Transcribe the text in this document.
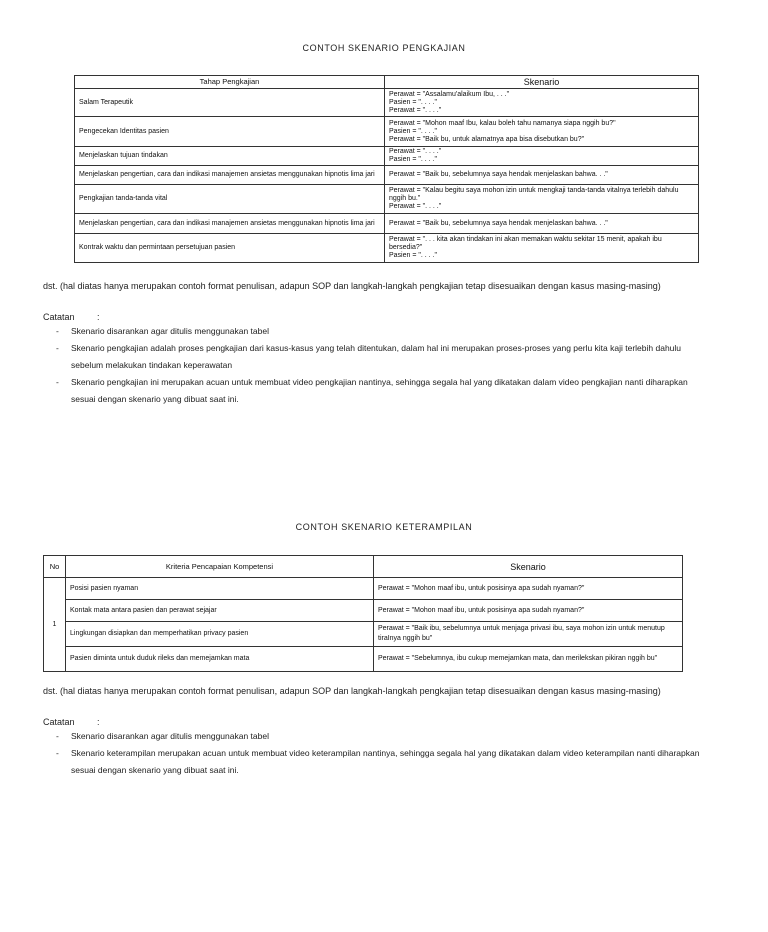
CONTOH SKENARIO PENGKAJIAN
Tahap Pengkajian	Skenario
Salam Terapeutik	Perawat = "Assalamu'alaikum Ibu, . . ."
Pasien = ". . . ."
Perawat = ". . . ."

Pengecekan Identitas pasien	Perawat = "Mohon maaf Ibu, kalau boleh tahu namanya siapa nggih bu?"
Pasien = ". . . ."
Perawat = "Baik bu, untuk alamatnya apa bisa disebutkan bu?"

Menjelaskan tujuan tindakan	Perawat = ". . . ."
Pasien = ". . . ."

Menjelaskan pengertian, cara dan indikasi manajemen ansietas menggunakan hipnotis lima jari	Perawat = "Baik bu, sebelumnya saya hendak menjelaskan bahwa. . ."

Pengkajian tanda-tanda vital	Perawat = "Kalau begitu saya mohon izin untuk mengkaji tanda-tanda vitalnya terlebih dahulu nggih bu."
Perawat = ". . . ."

Menjelaskan pengertian, cara dan indikasi manajemen ansietas menggunakan hipnotis lima jari	Perawat = "Baik bu, sebelumnya saya hendak menjelaskan bahwa. . ."

Kontrak waktu dan permintaan persetujuan pasien	Perawat = ". . . kita akan tindakan ini akan memakan waktu sekitar 15 menit, apakah ibu bersedia?"
Pasien = ". . . ."
dst. (hal diatas hanya merupakan contoh format penulisan, adapun SOP dan langkah-langkah pengkajian tetap disesuaikan dengan kasus masing-masing)
Catatan :
- Skenario disarankan agar ditulis menggunakan tabel
- Skenario pengkajian adalah proses pengkajian dari kasus-kasus yang telah ditentukan, dalam hal ini merupakan proses-proses yang perlu kita kaji terlebih dahulu sebelum melakukan tindakan keperawatan
- Skenario pengkajian ini merupakan acuan untuk membuat video pengkajian nantinya, sehingga segala hal yang dikatakan dalam video pengkajian nanti diharapkan sesuai dengan skenario yang dibuat saat ini.
CONTOH SKENARIO KETERAMPILAN
No	Kriteria Pencapaian Kompetensi	Skenario
1	Posisi pasien nyaman	Perawat = "Mohon maaf ibu, untuk posisinya apa sudah nyaman?"

	Kontak mata antara pasien dan perawat sejajar	Perawat = "Mohon maaf ibu, untuk posisinya apa sudah nyaman?"

	Lingkungan disiapkan dan memperhatikan privacy pasien	Perawat = "Baik ibu, sebelumnya untuk menjaga privasi ibu, saya mohon izin untuk menutup tiraInya nggih bu"

	Pasien diminta untuk duduk rileks dan memejamkan mata	Perawat = "Sebelumnya, ibu cukup memejamkan mata, dan merilekskan pikiran nggih bu"
dst. (hal diatas hanya merupakan contoh format penulisan, adapun SOP dan langkah-langkah pengkajian tetap disesuaikan dengan kasus masing-masing)
Catatan :
- Skenario disarankan agar ditulis menggunakan tabel
- Skenario keterampilan merupakan acuan untuk membuat video keterampilan nantinya, sehingga segala hal yang dikatakan dalam video keterampilan nanti diharapkan sesuai dengan skenario yang dibuat saat ini.
